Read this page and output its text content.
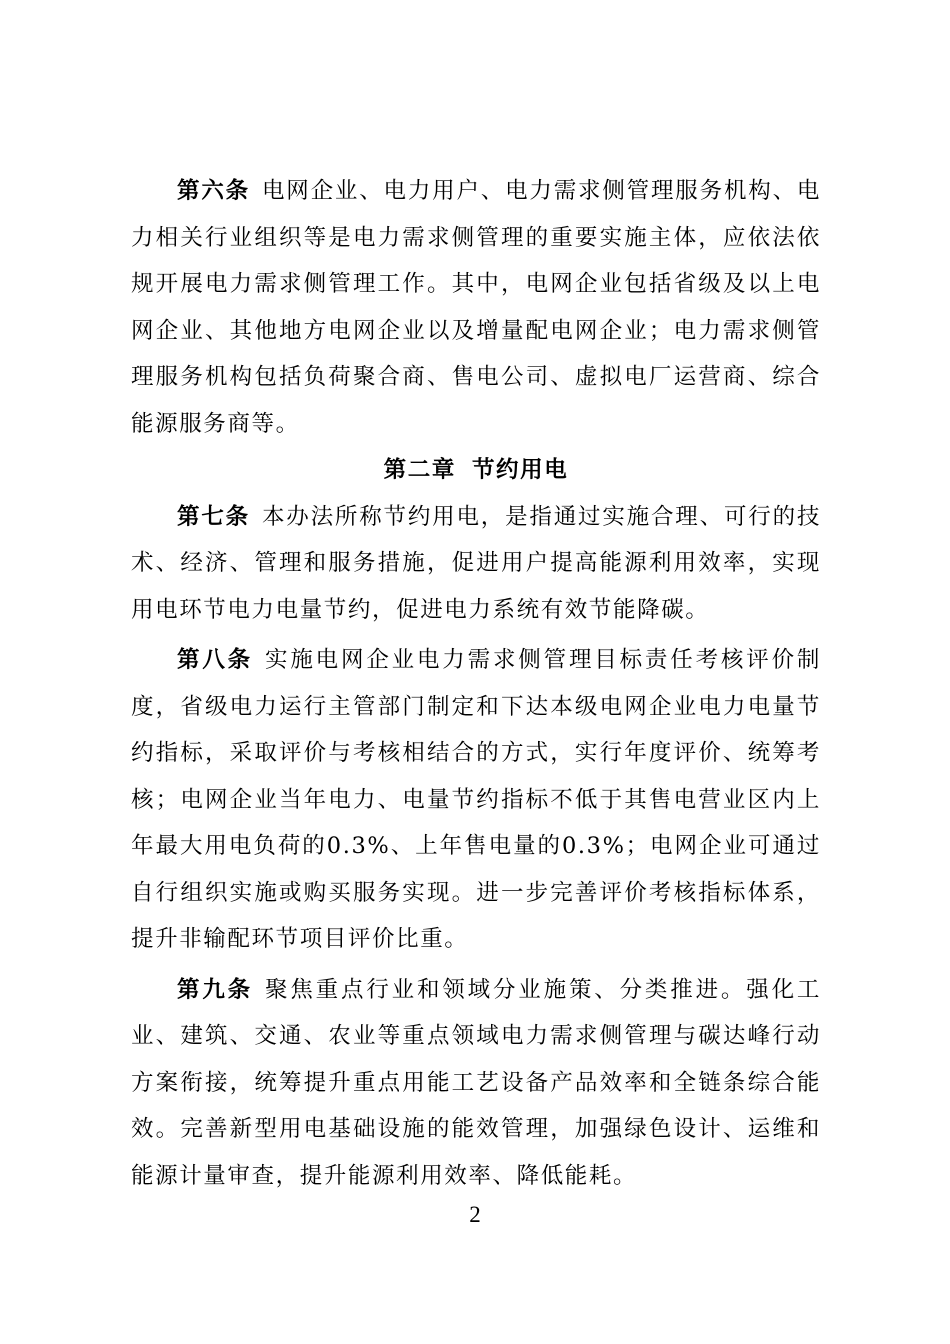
第六条 电网企业、电力用户、电力需求侧管理服务机构、电力相关行业组织等是电力需求侧管理的重要实施主体，应依法依规开展电力需求侧管理工作。其中，电网企业包括省级及以上电网企业、其他地方电网企业以及增量配电网企业；电力需求侧管理服务机构包括负荷聚合商、售电公司、虚拟电厂运营商、综合能源服务商等。

第二章 节约用电

第七条 本办法所称节约用电，是指通过实施合理、可行的技术、经济、管理和服务措施，促进用户提高能源利用效率，实现用电环节电力电量节约，促进电力系统有效节能降碳。

第八条 实施电网企业电力需求侧管理目标责任考核评价制度，省级电力运行主管部门制定和下达本级电网企业电力电量节约指标，采取评价与考核相结合的方式，实行年度评价、统筹考核；电网企业当年电力、电量节约指标不低于其售电营业区内上年最大用电负荷的0.3%、上年售电量的0.3%；电网企业可通过自行组织实施或购买服务实现。进一步完善评价考核指标体系，提升非输配环节项目评价比重。

第九条 聚焦重点行业和领域分业施策、分类推进。强化工业、建筑、交通、农业等重点领域电力需求侧管理与碳达峰行动方案衔接，统筹提升重点用能工艺设备产品效率和全链条综合能效。完善新型用电基础设施的能效管理，加强绿色设计、运维和能源计量审查，提升能源利用效率、降低能耗。

2
